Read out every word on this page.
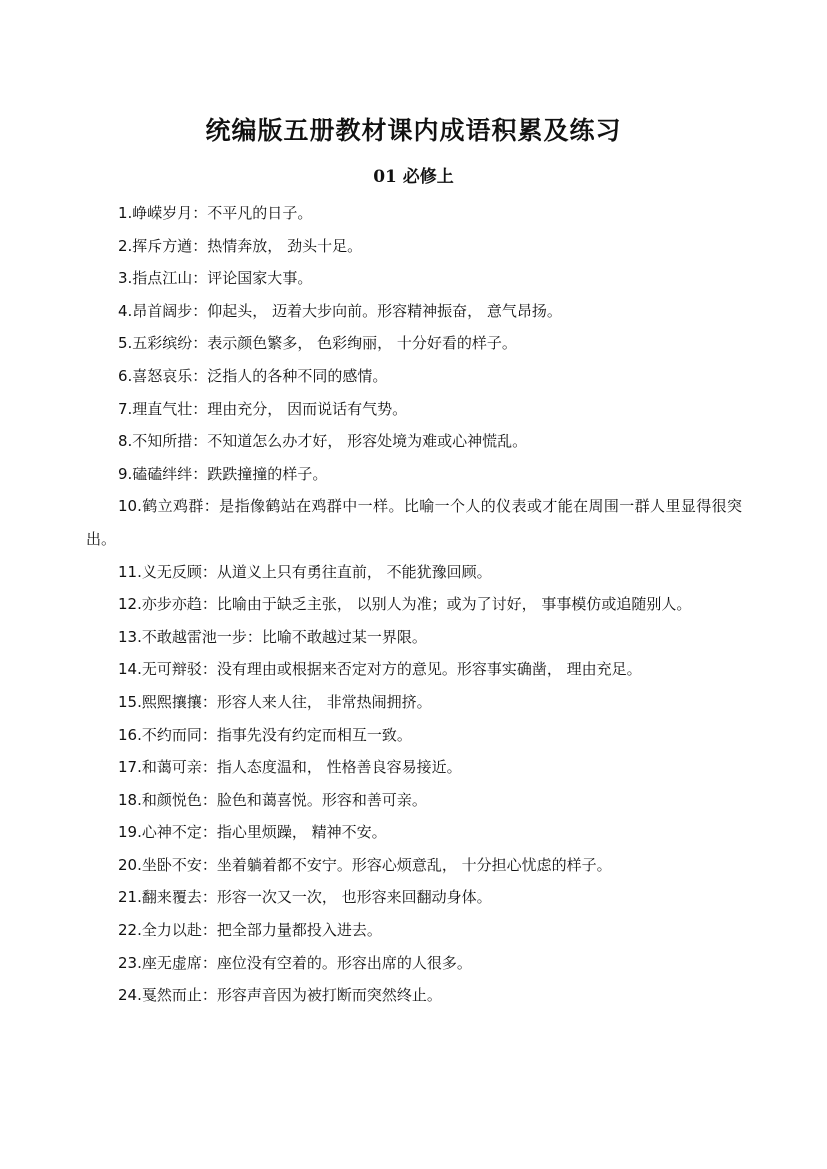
统编版五册教材课内成语积累及练习
01 必修上
1.峥嵘岁月：不平凡的日子。
2.挥斥方遒：热情奔放， 劲头十足。
3.指点江山：评论国家大事。
4.昂首阔步：仰起头， 迈着大步向前。形容精神振奋， 意气昂扬。
5.五彩缤纷：表示颜色繁多， 色彩绚丽， 十分好看的样子。
6.喜怒哀乐：泛指人的各种不同的感情。
7.理直气壮：理由充分， 因而说话有气势。
8.不知所措：不知道怎么办才好， 形容处境为难或心神慌乱。
9.磕磕绊绊：跌跌撞撞的样子。
10.鹤立鸡群：是指像鹤站在鸡群中一样。比喻一个人的仪表或才能在周围一群人里显得很突出。
11.义无反顾：从道义上只有勇往直前， 不能犹豫回顾。
12.亦步亦趋：比喻由于缺乏主张， 以别人为准；或为了讨好， 事事模仿或追随别人。
13.不敢越雷池一步：比喻不敢越过某一界限。
14.无可辩驳：没有理由或根据来否定对方的意见。形容事实确凿， 理由充足。
15.熙熙攘攘：形容人来人往， 非常热闹拥挤。
16.不约而同：指事先没有约定而相互一致。
17.和蔼可亲：指人态度温和， 性格善良容易接近。
18.和颜悦色：脸色和蔼喜悦。形容和善可亲。
19.心神不定：指心里烦躁， 精神不安。
20.坐卧不安：坐着躺着都不安宁。形容心烦意乱， 十分担心忧虑的样子。
21.翻来覆去：形容一次又一次， 也形容来回翻动身体。
22.全力以赴：把全部力量都投入进去。
23.座无虚席：座位没有空着的。形容出席的人很多。
24.戛然而止：形容声音因为被打断而突然终止。
